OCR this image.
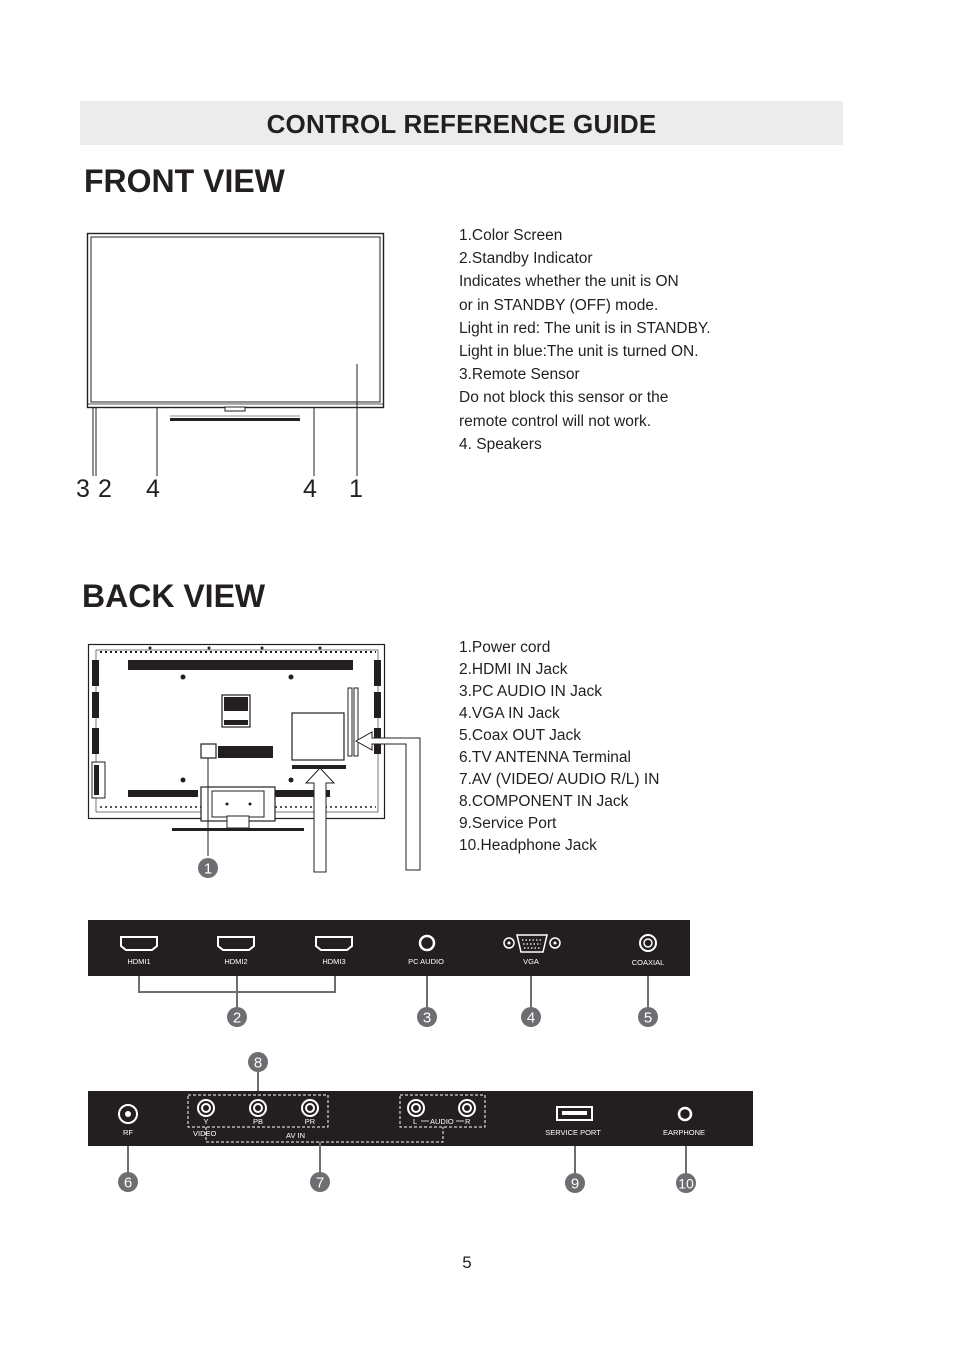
CONTROL REFERENCE GUIDE
FRONT VIEW
3 2 4	4 1
1.Color Screen
2.Standby Indicator
Indicates whether the unit is ON
or in STANDBY (OFF) mode.
Light in red: The unit is in STANDBY.
Light in blue:The unit is turned ON.
3.Remote Sensor
Do not block this sensor or the
remote control will not work.
4. Speakers
BACK VIEW
1
1.Power cord
2.HDMI IN Jack
3.PC AUDIO IN Jack
4.VGA IN Jack
5.Coax OUT Jack
6.TV ANTENNA Terminal
7.AV (VIDEO/ AUDIO R/L) IN
8.COMPONENT IN Jack
9.Service Port
10.Headphone Jack
HDMI1	HDMI2	HDMI3	PC AUDIO	VGA	COAXIAL
2	3	4	5
8
RF
Y	PB	PR
VIDEO	AV IN
L AUDIO R
SERVICE PORT	EARPHONE
6	7	9	10
5
